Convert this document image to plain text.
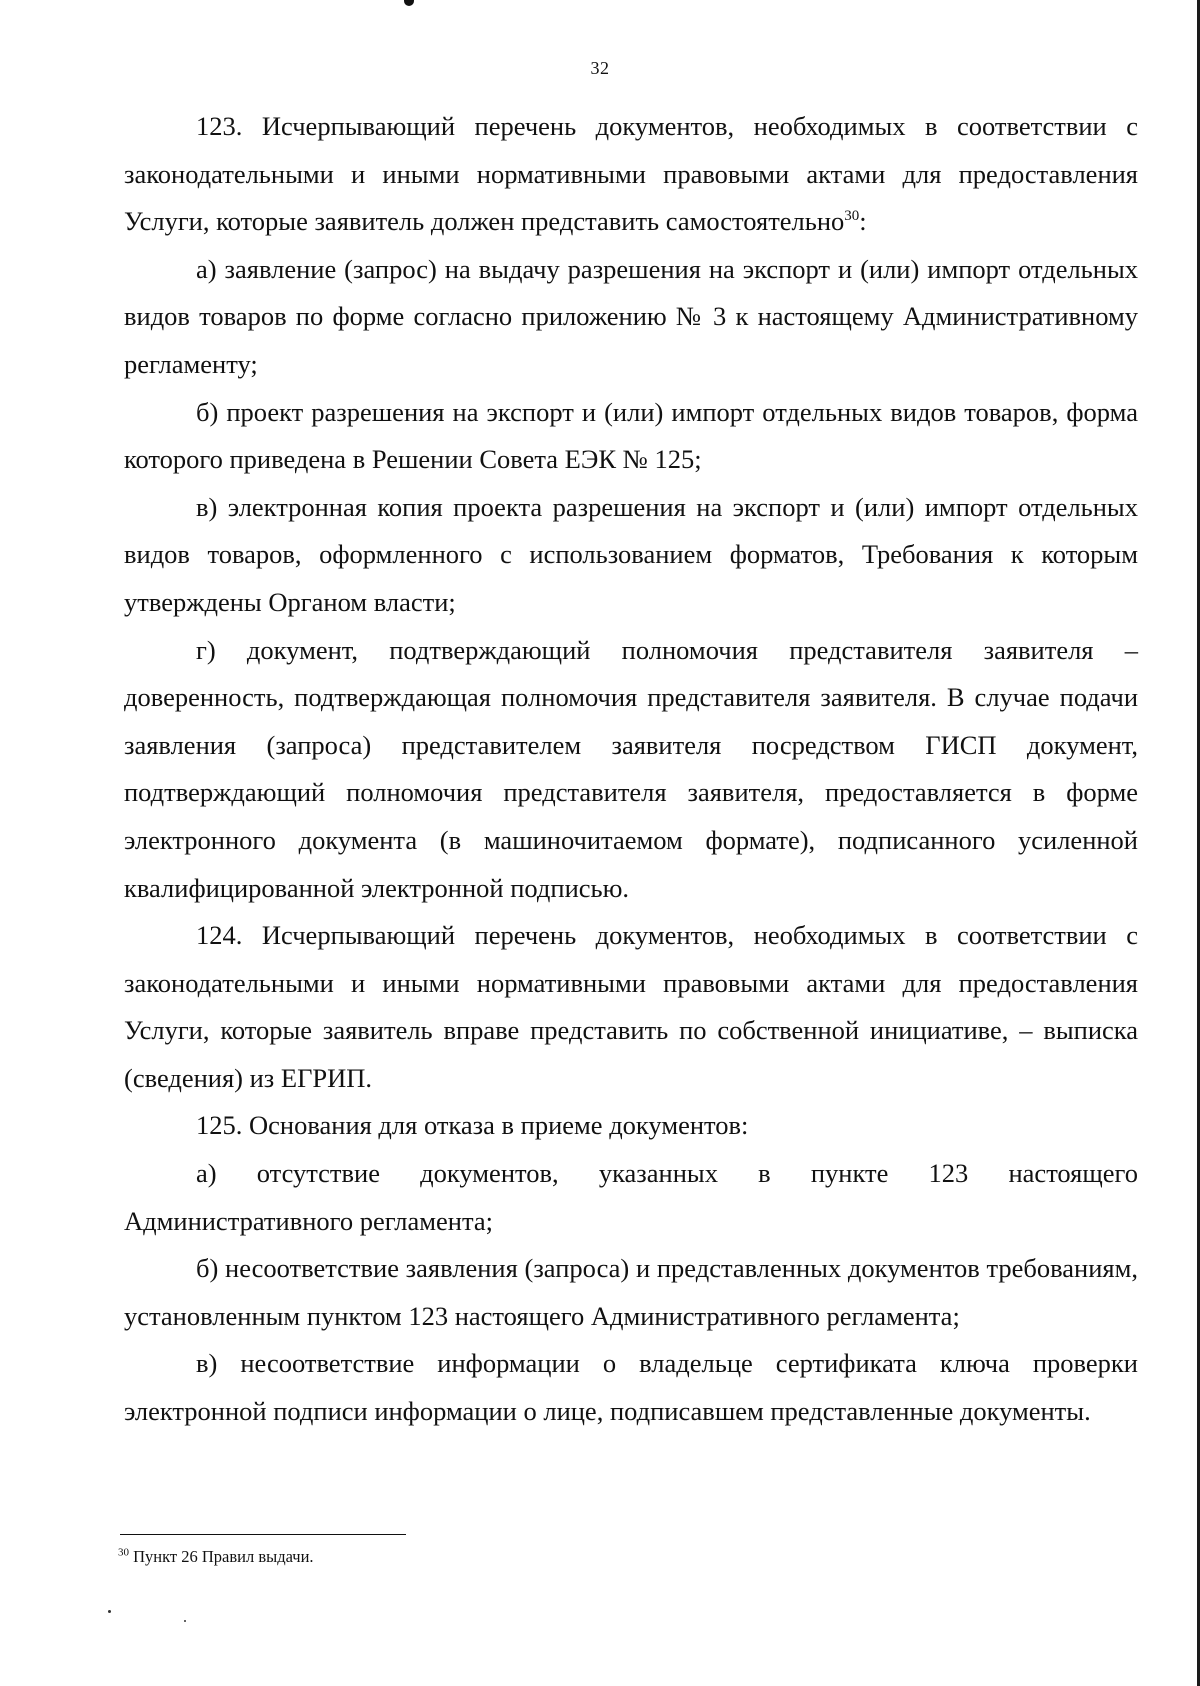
32

123. Исчерпывающий перечень документов, необходимых в соответствии с законодательными и иными нормативными правовыми актами для предоставления Услуги, которые заявитель должен представить самостоятельно$^{30}$:

а) заявление (запрос) на выдачу разрешения на экспорт и (или) импорт отдельных видов товаров по форме согласно приложению № 3 к настоящему Административному регламенту;

б) проект разрешения на экспорт и (или) импорт отдельных видов товаров, форма которого приведена в Решении Совета ЕЭК № 125;

в) электронная копия проекта разрешения на экспорт и (или) импорт отдельных видов товаров, оформленного с использованием форматов, Требования к которым утверждены Органом власти;

г) документ, подтверждающий полномочия представителя заявителя – доверенность, подтверждающая полномочия представителя заявителя. В случае подачи заявления (запроса) представителем заявителя посредством ГИСП документ, подтверждающий полномочия представителя заявителя, предоставляется в форме электронного документа (в машиночитаемом формате), подписанного усиленной квалифицированной электронной подписью.

124. Исчерпывающий перечень документов, необходимых в соответствии с законодательными и иными нормативными правовыми актами для предоставления Услуги, которые заявитель вправе представить по собственной инициативе, – выписка (сведения) из ЕГРИП.

125. Основания для отказа в приеме документов:

а) отсутствие документов, указанных в пункте 123 настоящего Административного регламента;

б) несоответствие заявления (запроса) и представленных документов требованиям, установленным пунктом 123 настоящего Административного регламента;

в) несоответствие информации о владельце сертификата ключа проверки электронной подписи информации о лице, подписавшем представленные документы.

$^{30}$ Пункт 26 Правил выдачи.
